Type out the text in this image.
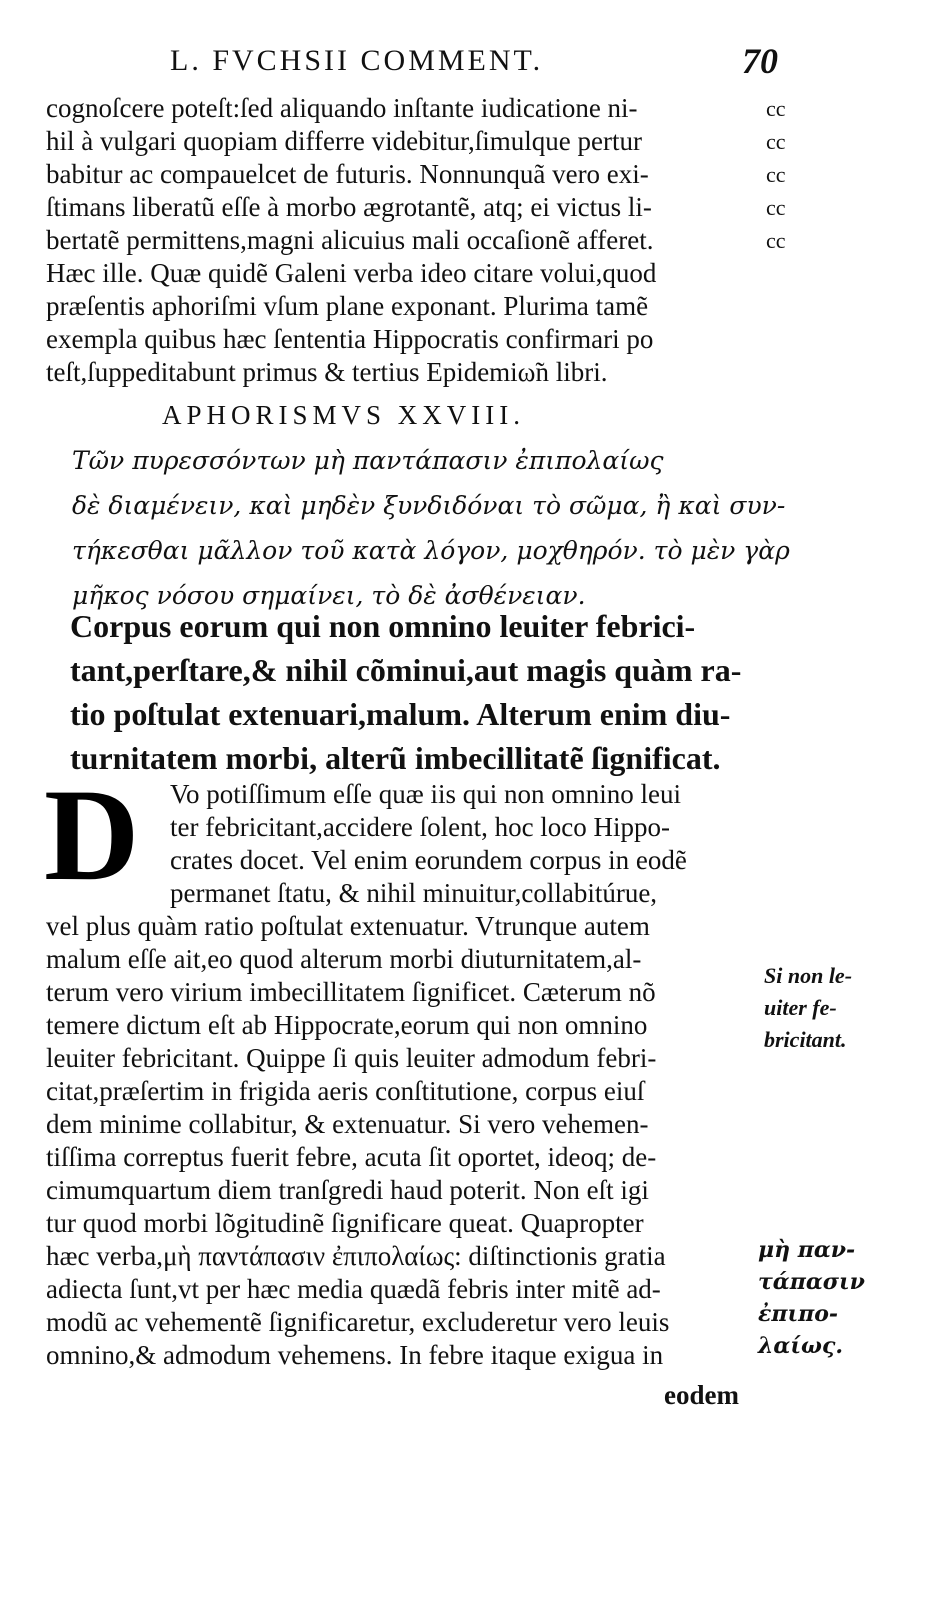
L. FVCHSII COMMENT.	70
cognoſcere poteſt:ſed aliquando inſtante iudicatione ni-
hil à vulgari quopiam differre videbitur,ſimulque pertur
babitur ac compauelcet de futuris. Nonnunquã vero exi-
ſtimans liberatũ eſſe à morbo ægrotantẽ, atq; ei victus li-
bertatẽ permittens,magni alicuius mali occaſionẽ afferet.
Hæc ille. Quæ quidẽ Galeni verba ideo citare volui,quod
præſentis aphoriſmi vſum plane exponant. Plurima tamẽ
exempla quibus hæc ſententia Hippocratis confirmari po
teſt,ſuppeditabunt primus & tertius Epidemiω̃n libri.
cc
cc
cc
cc
cc
APHORISMVS XXVIII.
Τῶν πυρεσσόντων μὴ παντάπασιν ἐπιπολαίως
δὲ διαμένειν, καὶ μηδὲν ξυνδιδόναι τὸ σῶμα, ἢ καὶ συν-
τήκεσθαι μᾶλλον τοῦ κατὰ λόγον, μοχθηρόν. τὸ μὲν γὰρ
μῆκος νόσου σημαίνει, τὸ δὲ ἀσθένειαν.
Corpus eorum qui non omnino leuiter febrici-
tant,perſtare,& nihil cõminui,aut magis quàm ra-
tio poſtulat extenuari,malum. Alterum enim diu-
turnitatem morbi, alterũ imbecillitatẽ ſignificat.
D	Vo potiſſimum eſſe quæ iis qui non omnino leui
ter febricitant,accidere ſolent, hoc loco Hippo-
crates docet. Vel enim eorundem corpus in eodẽ
permanet ſtatu, & nihil minuitur,collabitúrue,
vel plus quàm ratio poſtulat extenuatur. Vtrunque autem
malum eſſe ait,eo quod alterum morbi diuturnitatem,al-
terum vero virium imbecillitatem ſignificet. Cæterum nõ
temere dictum eſt ab Hippocrate,eorum qui non omnino
leuiter febricitant. Quippe ſi quis leuiter admodum febri-
citat,præſertim in frigida aeris conſtitutione, corpus eiuſ
dem minime collabitur, & extenuatur. Si vero vehemen-
tiſſima correptus fuerit febre, acuta ſit oportet, ideoq; de-
cimumquartum diem tranſgredi haud poterit. Non eſt igi
tur quod morbi lõgitudinẽ ſignificare queat. Quapropter
hæc verba,μὴ παντάπασιν ἐπιπολαίως: diſtinctionis gratia
adiecta ſunt,vt per hæc media quædã febris inter mitẽ ad-
modũ ac vehementẽ ſignificaretur, excluderetur vero leuis
omnino,& admodum vehemens. In febre itaque exigua in
Si non le-
uiter fe-
bricitant.
μὴ παν-
τάπασιν
ἐπιπο-
λαίως.
eodem
